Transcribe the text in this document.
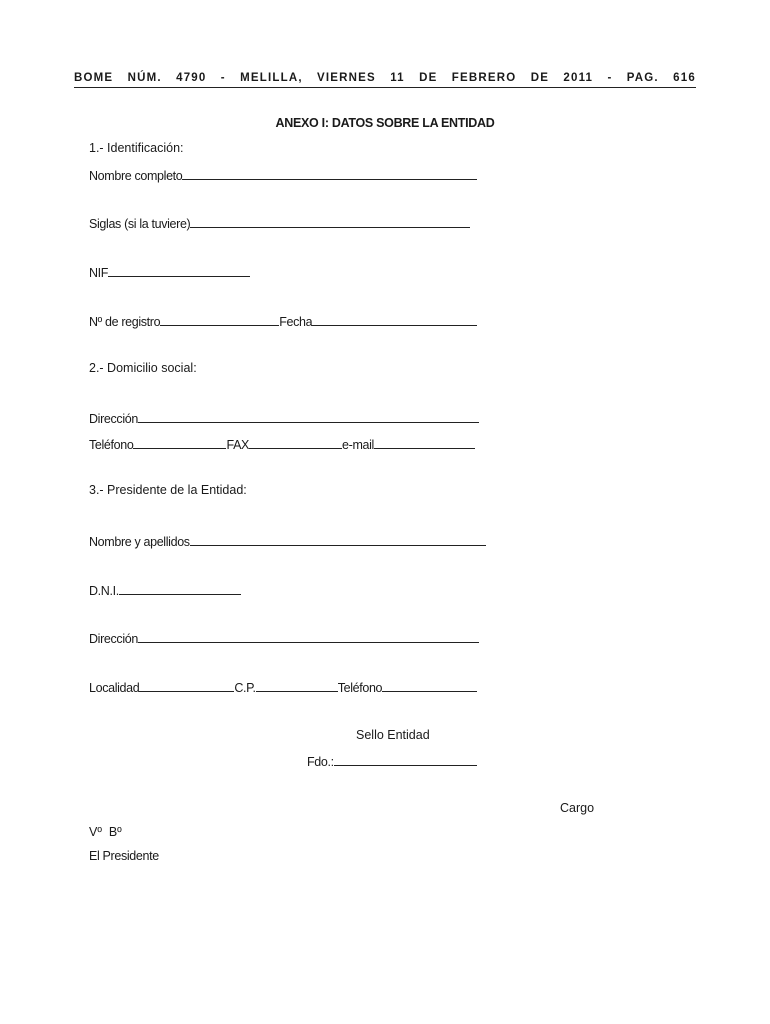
BOME NÚM. 4790 - MELILLA, VIERNES 11 DE FEBRERO DE 2011 - PAG. 616
ANEXO I: DATOS SOBRE LA ENTIDAD
1.- Identificación:
Nombre completo
Siglas (si la tuviere)
NIF
Nº de registro	Fecha
2.- Domicilio social:
Dirección
Teléfono	FAX	e-mail
3.- Presidente de la Entidad:
Nombre y apellidos
D.N.I.
Dirección
Localidad	C.P.	Teléfono
Sello Entidad
Fdo.:
Cargo
Vº  Bº
El Presidente
